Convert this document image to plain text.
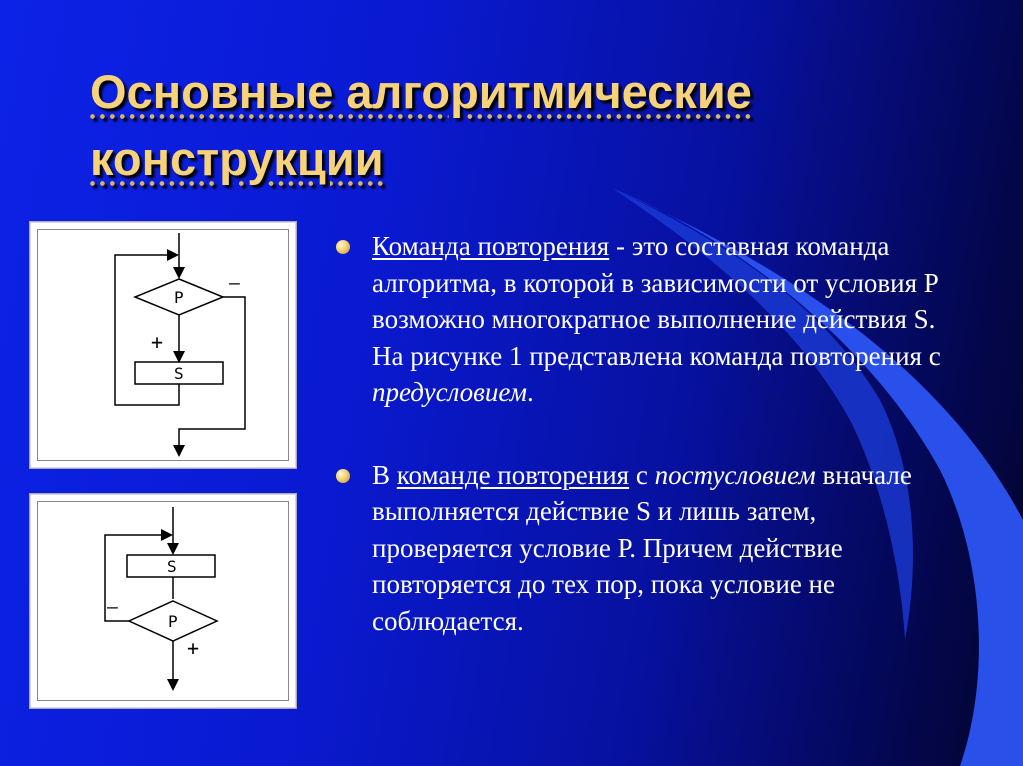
Основные алгоритмические конструкции
P
+
S
–
S
P
–
+
Команда повторения - это составная команда алгоритма, в которой в зависимости от условия Р возможно многократное выполнение действия S. На рисунке 1 представлена команда повторения с предусловием.
В команде повторения с постусловием вначале выполняется действие S и лишь затем, проверяется условие Р. Причем действие повторяется до тех пор, пока условие не соблюдается.
